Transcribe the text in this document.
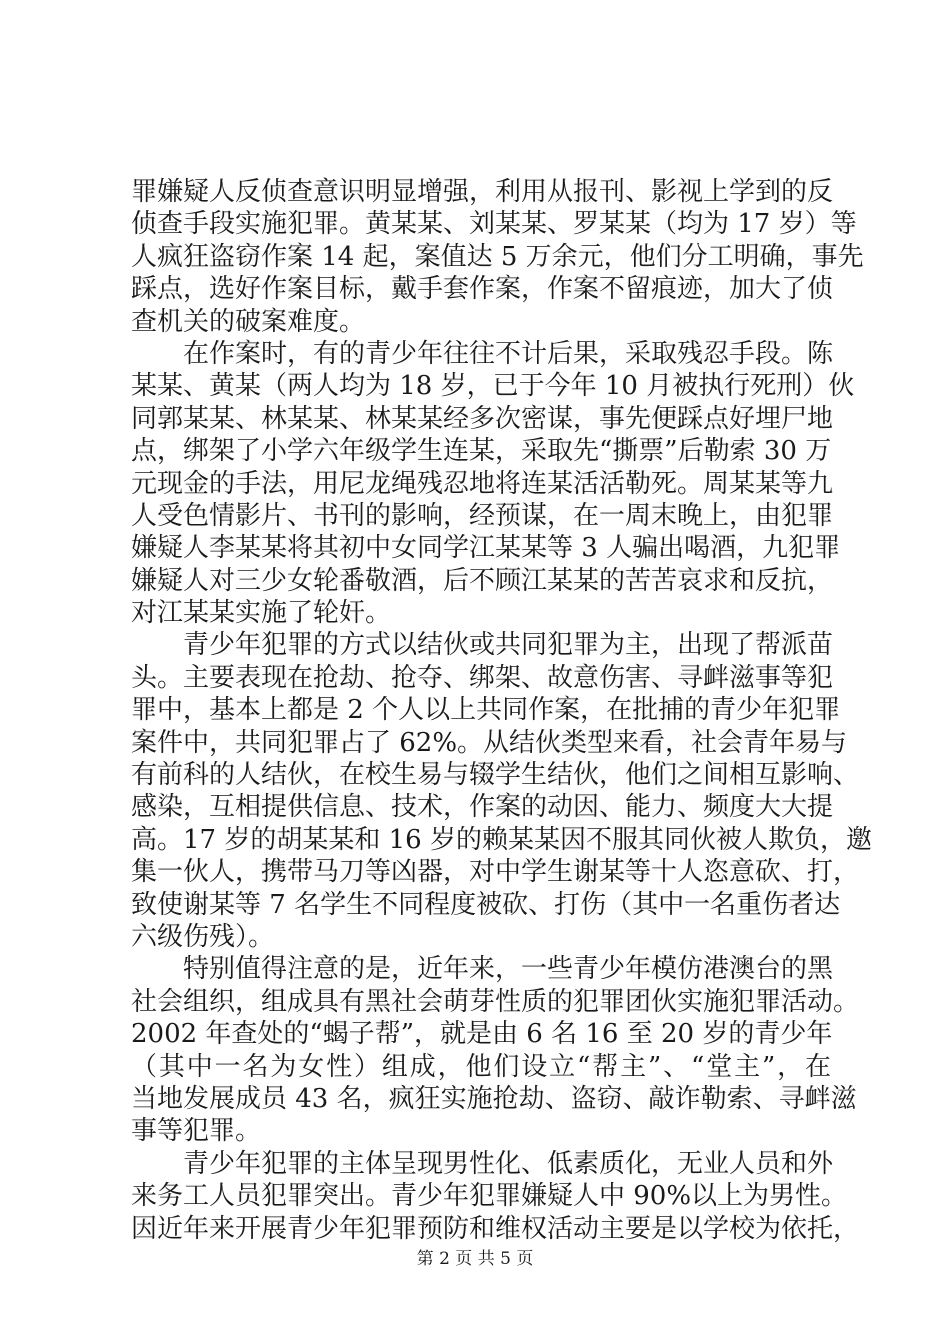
罪嫌疑人反侦查意识明显增强，利用从报刊、影视上学到的反
侦查手段实施犯罪。黄某某、刘某某、罗某某（均为 17 岁）等
人疯狂盗窃作案 14 起，案值达 5 万余元，他们分工明确，事先
踩点，选好作案目标，戴手套作案，作案不留痕迹，加大了侦
查机关的破案难度。
在作案时，有的青少年往往不计后果，采取残忍手段。陈
某某、黄某（两人均为 18 岁，已于今年 10 月被执行死刑）伙
同郭某某、林某某、林某某经多次密谋，事先便踩点好埋尸地
点，绑架了小学六年级学生连某，采取先“撕票”后勒索 30 万
元现金的手法，用尼龙绳残忍地将连某活活勒死。周某某等九
人受色情影片、书刊的影响，经预谋，在一周末晚上，由犯罪
嫌疑人李某某将其初中女同学江某某等 3 人骗出喝酒，九犯罪
嫌疑人对三少女轮番敬酒，后不顾江某某的苦苦哀求和反抗，
对江某某实施了轮奸。
青少年犯罪的方式以结伙或共同犯罪为主，出现了帮派苗
头。主要表现在抢劫、抢夺、绑架、故意伤害、寻衅滋事等犯
罪中，基本上都是 2 个人以上共同作案，在批捕的青少年犯罪
案件中，共同犯罪占了 62%。从结伙类型来看，社会青年易与
有前科的人结伙，在校生易与辍学生结伙，他们之间相互影响、
感染，互相提供信息、技术，作案的动因、能力、频度大大提
高。17 岁的胡某某和 16 岁的赖某某因不服其同伙被人欺负，邀
集一伙人，携带马刀等凶器，对中学生谢某等十人恣意砍、打，
致使谢某等 7 名学生不同程度被砍、打伤（其中一名重伤者达
六级伤残）。
特别值得注意的是，近年来，一些青少年模仿港澳台的黑
社会组织，组成具有黑社会萌芽性质的犯罪团伙实施犯罪活动。
2002 年查处的“蝎子帮”，就是由 6 名 16 至 20 岁的青少年
（其中一名为女性）组成，他们设立“帮主”、“堂主”，在
当地发展成员 43 名，疯狂实施抢劫、盗窃、敲诈勒索、寻衅滋
事等犯罪。
青少年犯罪的主体呈现男性化、低素质化，无业人员和外
来务工人员犯罪突出。青少年犯罪嫌疑人中 90%以上为男性。
因近年来开展青少年犯罪预防和维权活动主要是以学校为依托，
第 2 页 共 5 页
